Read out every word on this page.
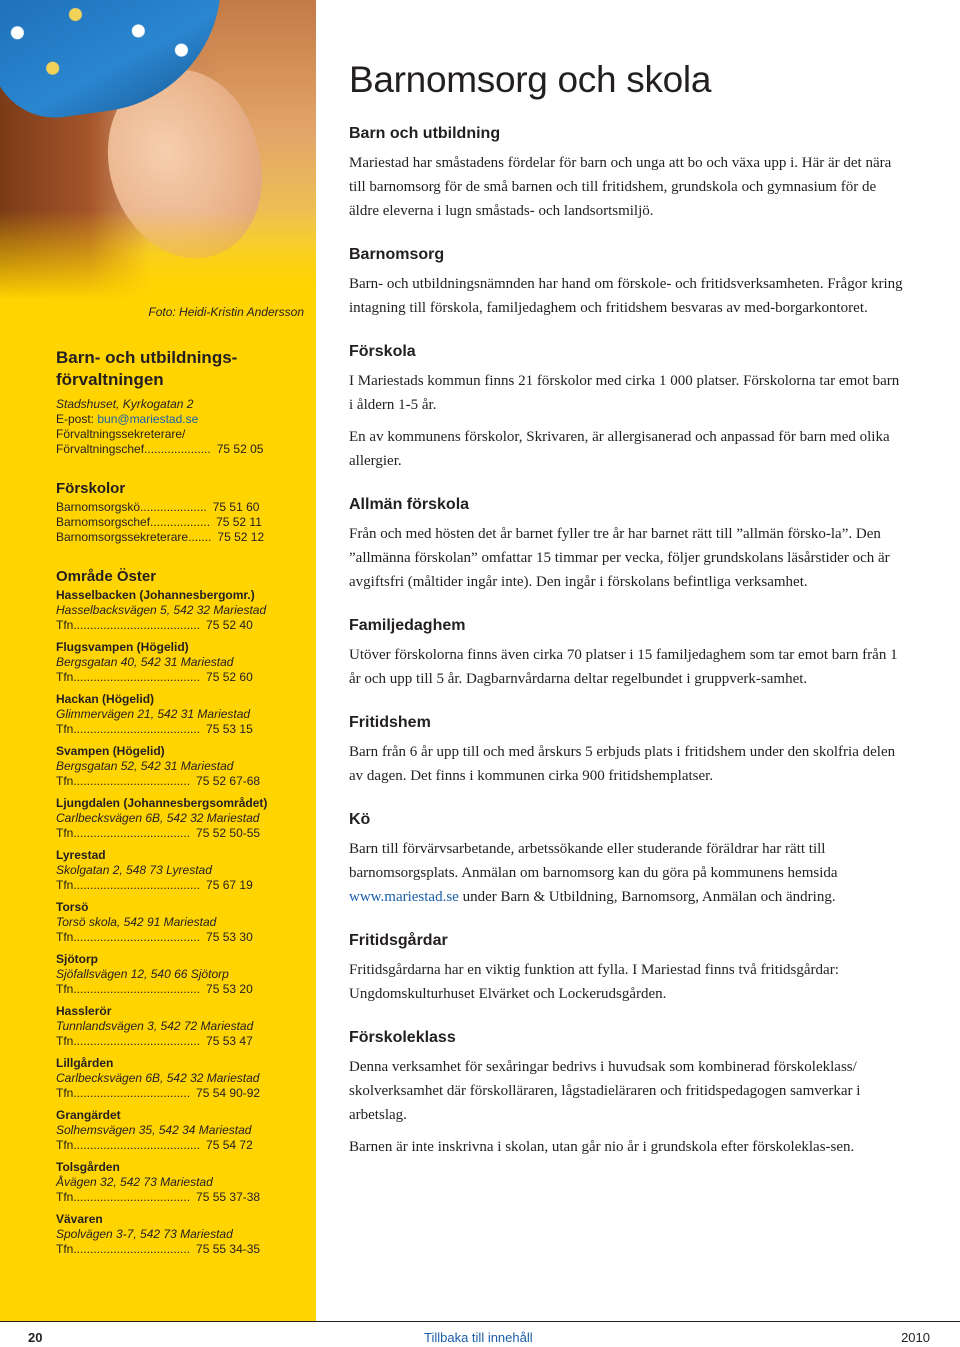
Foto: Heidi-Kristin Andersson
Barn- och utbildnings- förvaltningen
Stadshuset, Kyrkogatan 2
E-post: bun@mariestad.se
Förvaltningssekreterare/
Förvaltningschef .................... 75 52 05
Förskolor
Barnomsorgskö .................... 75 51 60
Barnomsorgschef .................. 75 52 11
Barnomsorgssekreterare ....... 75 52 12
Område Öster
Hasselbacken (Johannesbergomr.)
Hasselbacksvägen 5, 542 32 Mariestad
Tfn ...................................... 75 52 40
Flugsvampen (Högelid)
Bergsgatan 40, 542 31 Mariestad
Tfn ...................................... 75 52 60
Hackan (Högelid)
Glimmervägen 21, 542 31 Mariestad
Tfn ...................................... 75 53 15
Svampen (Högelid)
Bergsgatan 52, 542 31 Mariestad
Tfn ................................... 75 52 67-68
Ljungdalen (Johannesbergsområdet)
Carlbecksvägen 6B, 542 32 Mariestad
Tfn ................................... 75 52 50-55
Lyrestad
Skolgatan 2, 548 73 Lyrestad
Tfn ...................................... 75 67 19
Torsö
Torsö skola, 542 91 Mariestad
Tfn ...................................... 75 53 30
Sjötorp
Sjöfallsvägen 12, 540 66 Sjötorp
Tfn ...................................... 75 53 20
Hasslerör
Tunnlandsvägen 3, 542 72 Mariestad
Tfn ...................................... 75 53 47
Lillgården
Carlbecksvägen 6B, 542 32 Mariestad
Tfn ................................... 75 54 90-92
Grangärdet
Solhemsvägen 35, 542 34 Mariestad
Tfn ...................................... 75 54 72
Tolsgården
Åvägen 32, 542 73 Mariestad
Tfn ................................... 75 55 37-38
Vävaren
Spolvägen 3-7, 542 73 Mariestad
Tfn ................................... 75 55 34-35
Barnomsorg och skola
Barn och utbildning

Mariestad har småstadens fördelar för barn och unga att bo och växa upp i. Här är det nära till barnomsorg för de små barnen och till fritidshem, grundskola och gymnasium för de äldre eleverna i lugn småstads- och landsortsmiljö.

Barnomsorg

Barn- och utbildningsnämnden har hand om förskole- och fritidsverksamheten. Frågor kring intagning till förskola, familjedaghem och fritidshem besvaras av med-borgarkontoret.

Förskola

I Mariestads kommun finns 21 förskolor med cirka 1 000 platser. Förskolorna tar emot barn i åldern 1-5 år.

En av kommunens förskolor, Skrivaren, är allergisanerad och anpassad för barn med olika allergier.

Allmän förskola

Från och med hösten det år barnet fyller tre år har barnet rätt till ”allmän försko-la”. Den ”allmänna förskolan” omfattar 15 timmar per vecka, följer grundskolans läsårstider och är avgiftsfri (måltider ingår inte). Den ingår i förskolans befintliga verksamhet.

Familjedaghem

Utöver förskolorna finns även cirka 70 platser i 15 familjedaghem som tar emot barn från 1 år och upp till 5 år. Dagbarnvårdarna deltar regelbundet i gruppverk-samhet.

Fritidshem

Barn från 6 år upp till och med årskurs 5 erbjuds plats i fritidshem under den skolfria delen av dagen. Det finns i kommunen cirka 900 fritidshemplatser.

Kö

Barn till förvärvsarbetande, arbetssökande eller studerande föräldrar har rätt till barnomsorgsplats. Anmälan om barnomsorg kan du göra på kommunens hemsida www.mariestad.se under Barn & Utbildning, Barnomsorg, Anmälan och ändring.

Fritidsgårdar

Fritidsgårdarna har en viktig funktion att fylla. I Mariestad finns två fritidsgårdar: Ungdomskulturhuset Elvärket och Lockerudsgården.

Förskoleklass

Denna verksamhet för sexåringar bedrivs i huvudsak som kombinerad förskoleklass/ skolverksamhet där förskolläraren, lågstadieläraren och fritidspedagogen samverkar i arbetslag.

Barnen är inte inskrivna i skolan, utan går nio år i grundskola efter förskoleklas-sen.

20	Tillbaka till innehåll	2010
